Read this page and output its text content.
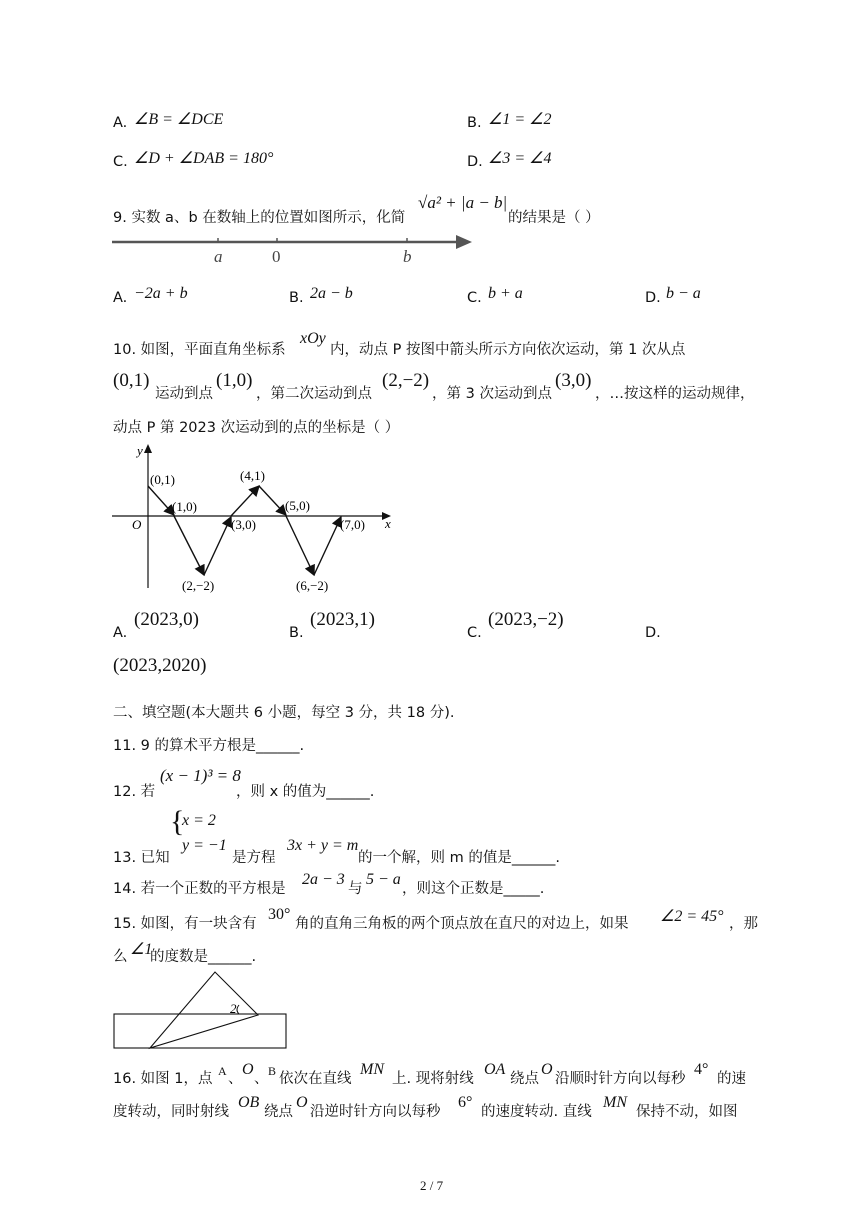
A. ∠B = ∠DCE	B. ∠1 = ∠2
C. ∠D + ∠DAB = 180°	D. ∠3 = ∠4
9. 实数 a、b 在数轴上的位置如图所示，化简
√a² + |a − b|
的结果是（ ）
a	0	b
A. −2a + b	B. 2a − b	C. b + a	D. b − a
10. 如图，平面直角坐标系
xOy
内，动点 P 按图中箭头所示方向依次运动，第 1 次从点
(0,1)
运动到点
(1,0)
，第二次运动到点
(2,−2)
，第 3 次运动到点
(3,0)
，…按这样的运动规律，
动点 P 第 2023 次运动到的点的坐标是（ ）
y
x
O
(0,1)
(1,0)
(2,−2)
(3,0)
(4,1)
(5,0)
(6,−2)
(7,0)
A.
(2023,0)
B.
(2023,1)
C.
(2023,−2)
D.
(2023,2020)
二、填空题(本大题共 6 小题，每空 3 分，共 18 分).
11. 9 的算术平方根是______.
12. 若
(x − 1)³ = 8
，则 x 的值为______.
{
x = 2
y = −1
13. 已知	是方程
3x + y = m
的一个解，则 m 的值是______.
14. 若一个正数的平方根是
2a − 3
与
5 − a
，则这个正数是_____.
15. 如图，有一块含有
30°
角的直角三角板的两个顶点放在直尺的对边上，如果 ∠2 = 45° ，那
么 ∠1
的度数是______.
2
16. 如图 1，点 A 、
O
、 B 依次在直线
MN
上. 现将射线
OA
绕点
O
沿顺时针方向以每秒
4°
的速
度转动，同时射线
OB
绕点
O
沿逆时针方向以每秒
6°
的速度转动. 直线
MN
保持不动，如图
2 / 7
